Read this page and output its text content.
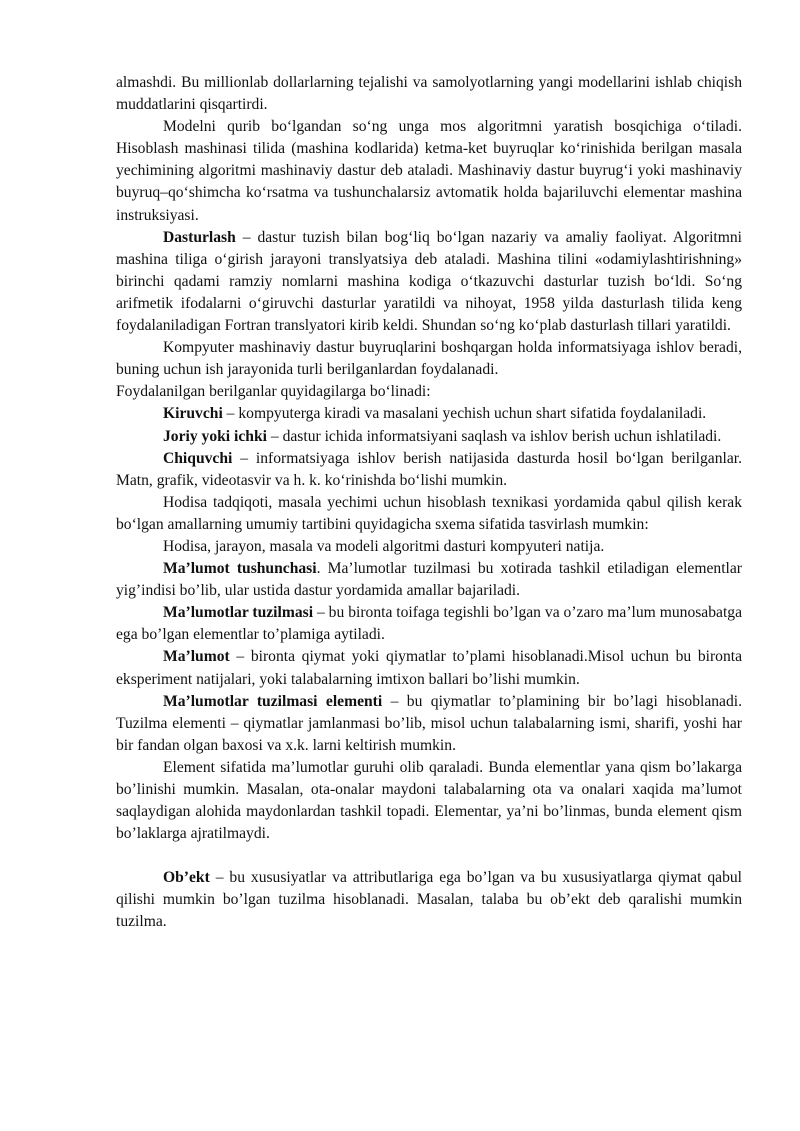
almashdi. Bu millionlab dollarlarning tejalishi va samolyotlarning yangi modellarini ishlab chiqish muddatlarini qisqartirdi.

Modelni qurib bo‘lgandan so‘ng unga mos algoritmni yaratish bosqichiga o‘tiladi. Hisoblash mashinasi tilida (mashina kodlarida) ketma-ket buyruqlar ko‘rinishida berilgan masala yechimining algoritmi mashinaviy dastur deb ataladi. Mashinaviy dastur buyrug‘i yoki mashinaviy buyruq–qo‘shimcha ko‘rsatma va tushunchalarsiz avtomatik holda bajariluvchi elementar mashina instruksiyasi.

Dasturlash – dastur tuzish bilan bog‘liq bo‘lgan nazariy va amaliy faoliyat. Algoritmni mashina tiliga o‘girish jarayoni translyatsiya deb ataladi. Mashina tilini «odamiylashtirishning» birinchi qadami ramziy nomlarni mashina kodiga o‘tkazuvchi dasturlar tuzish bo‘ldi. So‘ng arifmetik ifodalarni o‘giruvchi dasturlar yaratildi va nihoyat, 1958 yilda dasturlash tilida keng foydalaniladigan Fortran translyatori kirib keldi. Shundan so‘ng ko‘plab dasturlash tillari yaratildi.

Kompyuter mashinaviy dastur buyruqlarini boshqargan holda informatsiyaga ishlov beradi, buning uchun ish jarayonida turli berilganlardan foydalanadi.

Foydalanilgan berilganlar quyidagilarga bo‘linadi:

Kiruvchi – kompyuterga kiradi va masalani yechish uchun shart sifatida foydalaniladi.

Joriy yoki ichki – dastur ichida informatsiyani saqlash va ishlov berish uchun ishlatiladi.

Chiquvchi – informatsiyaga ishlov berish natijasida dasturda hosil bo‘lgan berilganlar. Matn, grafik, videotasvir va h. k. ko‘rinishda bo‘lishi mumkin.

Hodisa tadqiqoti, masala yechimi uchun hisoblash texnikasi yordamida qabul qilish kerak bo‘lgan amallarning umumiy tartibini quyidagicha sxema sifatida tasvirlash mumkin:

Hodisa, jarayon, masala va modeli algoritmi dasturi kompyuteri natija.

Ma’lumot tushunchasi. Ma’lumotlar tuzilmasi bu xotirada tashkil etiladigan elementlar yig’indisi bo’lib, ular ustida dastur yordamida amallar bajariladi.

Ma’lumotlar tuzilmasi – bu bironta toifaga tegishli bo’lgan va o’zaro ma’lum munosabatga ega bo’lgan elementlar to’plamiga aytiladi.

Ma’lumot – bironta qiymat yoki qiymatlar to’plami hisoblanadi.Misol uchun bu bironta eksperiment natijalari, yoki talabalarning imtixon ballari bo’lishi mumkin.

Ma’lumotlar tuzilmasi elementi – bu qiymatlar to’plamining bir bo’lagi hisoblanadi. Tuzilma elementi – qiymatlar jamlanmasi bo’lib, misol uchun talabalarning ismi, sharifi, yoshi har bir fandan olgan baxosi va x.k. larni keltirish mumkin.

Element sifatida ma’lumotlar guruhi olib qaraladi. Bunda elementlar yana qism bo’lakarga bo’linishi mumkin. Masalan, ota-onalar maydoni talabalarning ota va onalari xaqida ma’lumot saqlaydigan alohida maydonlardan tashkil topadi. Elementar, ya’ni bo’linmas, bunda element qism bo’laklarga ajratilmaydi.

Ob’ekt – bu xususiyatlar va attributlariga ega bo’lgan va bu xususiyatlarga qiymat qabul qilishi mumkin bo’lgan tuzilma hisoblanadi. Masalan, talaba bu ob’ekt deb qaralishi mumkin tuzilma.
